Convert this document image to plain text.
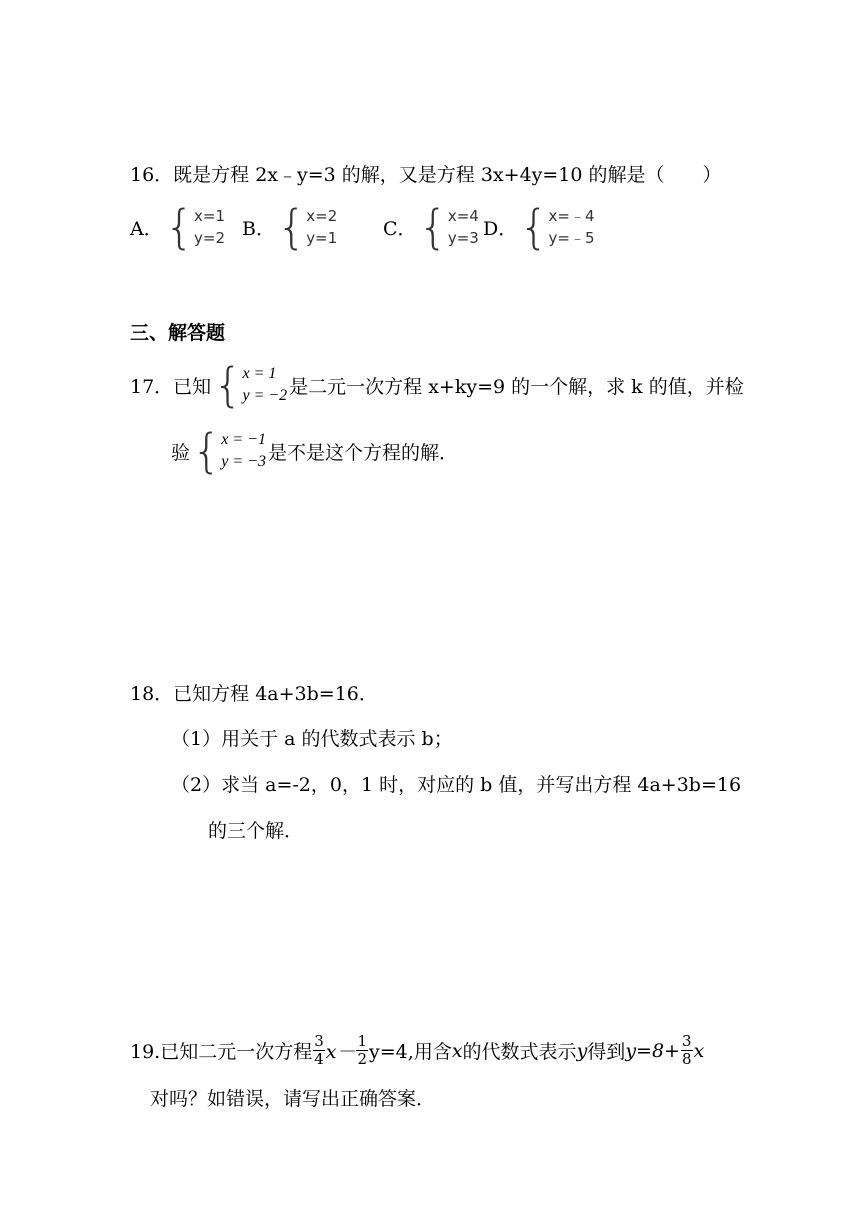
16．既是方程 2x﹣y=3 的解，又是方程 3x+4y=10 的解是（　　）
A． { x=1
y=2 B． { x=2
y=1 C． { x=4
y=3 D． { x=﹣4
y=﹣5
三、解答题
17．已知 { x = 1
y = −2 是二元一次方程 x+ky=9 的一个解，求 k 的值，并检
验 { x = −1
y = −3 是不是这个方程的解．
18．已知方程 4a+3b=16．
（1）用关于 a 的代数式表示 b；
（2）求当 a=-2，0，1 时，对应的 b 值，并写出方程 4a+3b=16
的三个解．
19.已知二元一次方程 $\frac{3}{4} x- \frac{1}{2} y=4$,用含 x 的代数式表示 y 得到 $y=8+ \frac{3}{8}$ x
对吗？如错误，请写出正确答案．
